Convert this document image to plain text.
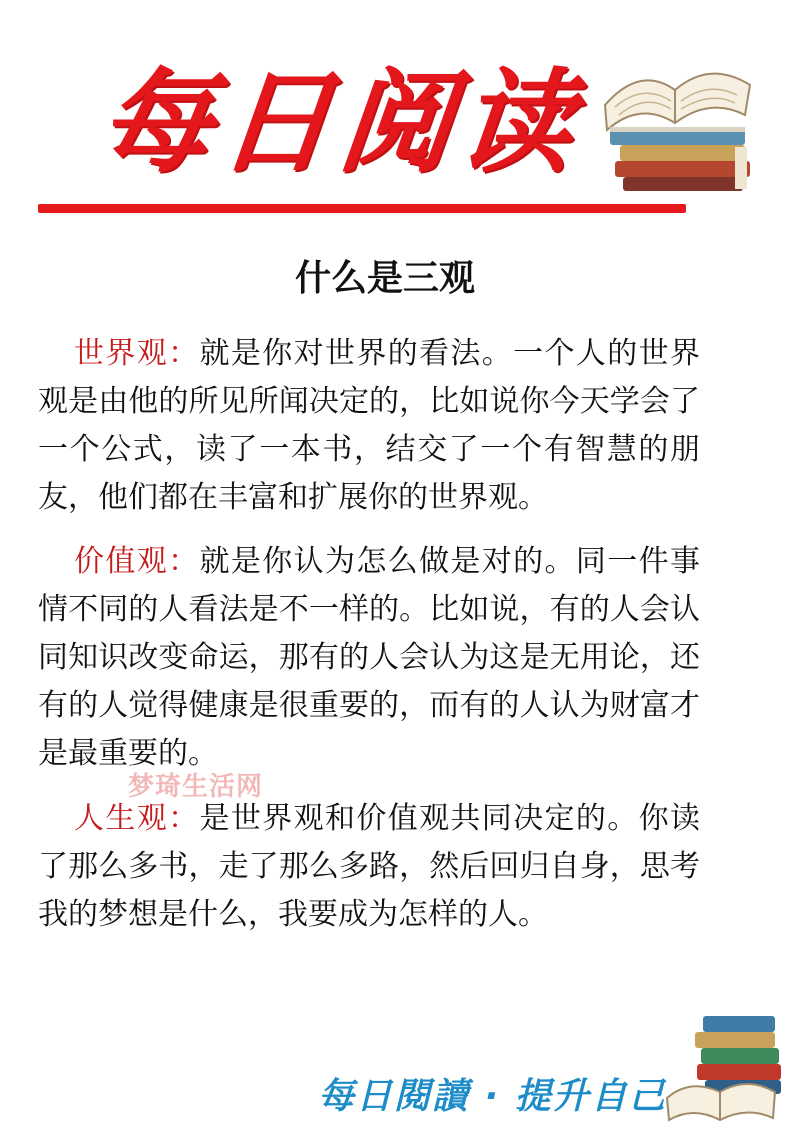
每日阅读
什么是三观

世界观：就是你对世界的看法。一个人的世界观是由他的所见所闻决定的，比如说你今天学会了一个公式，读了一本书，结交了一个有智慧的朋友，他们都在丰富和扩展你的世界观。

价值观：就是你认为怎么做是对的。同一件事情不同的人看法是不一样的。比如说，有的人会认同知识改变命运，那有的人会认为这是无用论，还有的人觉得健康是很重要的，而有的人认为财富才是最重要的。

梦琦生活网

人生观：是世界观和价值观共同决定的。你读了那么多书，走了那么多路，然后回归自身，思考我的梦想是什么，我要成为怎样的人。

每日閱讀 · 提升自己
